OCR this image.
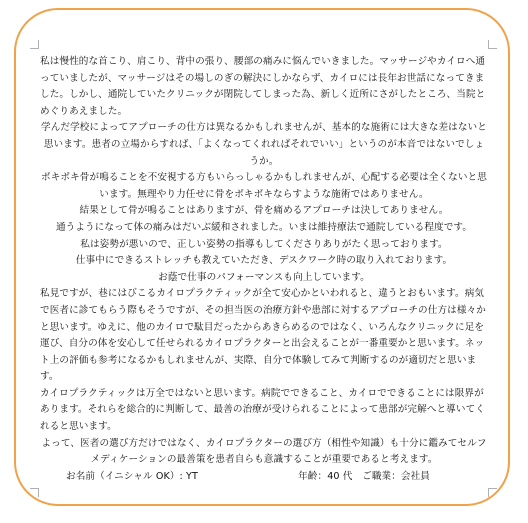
私は慢性的な首こり、肩こり、背中の張り、腰部の痛みに悩んでいきました。マッサージやカイロへ通っていましたが、マッサージはその場しのぎの解決にしかならず、カイロには長年お世話になってきました。しかし、通院していたクリニックが閉院してしまった為、新しく近所にさがしたところ、当院とめぐりあえました。

学んだ学校によってアプローチの仕方は異なるかもしれませんが、基本的な施術には大きな差はないと思います。患者の立場からすれば、「よくなってくれればそれでいい」というのが本音ではないでしょうか。

ボキボキ骨が鳴ることを不安視する方もいらっしゃるかもしれませんが、心配する必要は全くないと思います。無理やり力任せに骨をボキボキならすような施術ではありません。

結果として骨が鳴ることはありますが、骨を痛めるアプローチは決してありません。

通うようになって体の痛みはだいぶ緩和されました。いまは維持療法で通院している程度です。

私は姿勢が悪いので、正しい姿勢の指導もしてくださりありがたく思っております。

仕事中にできるストレッチも教えていただき、デスクワーク時の取り入れております。

お蔭で仕事のパフォーマンスも向上しています。

私見ですが、巷にはびこるカイロプラクティックが全て安心かといわれると、違うとおもいます。病気で医者に診てもらう際もそうですが、その担当医の治療方針や患部に対するアプローチの仕方は様々かと思います。ゆえに、他のカイロで駄目だったからあきらめるのではなく、いろんなクリニックに足を運び、自分の体を安心して任せられるカイロプラクターと出会えることが一番重要かと思います。ネット上の評価も参考になるかもしれませんが、実際、自分で体験してみて判断するのが適切だと思います。

カイロプラクティックは万全ではないと思います。病院でできること、カイロでできることには限界があります。それらを総合的に判断して、最善の治療が受けられることによって患部が完解へと導いてくれると思います。

よって、医者の選び方だけではなく、カイロプラクターの選び方（相性や知識）も十分に鑑みてセルフメディケーションの最善策を患者自らも意識することが重要であると考えます。

お名前（イニシャル OK）: YT	年齢：40 代　ご職業：会社員
